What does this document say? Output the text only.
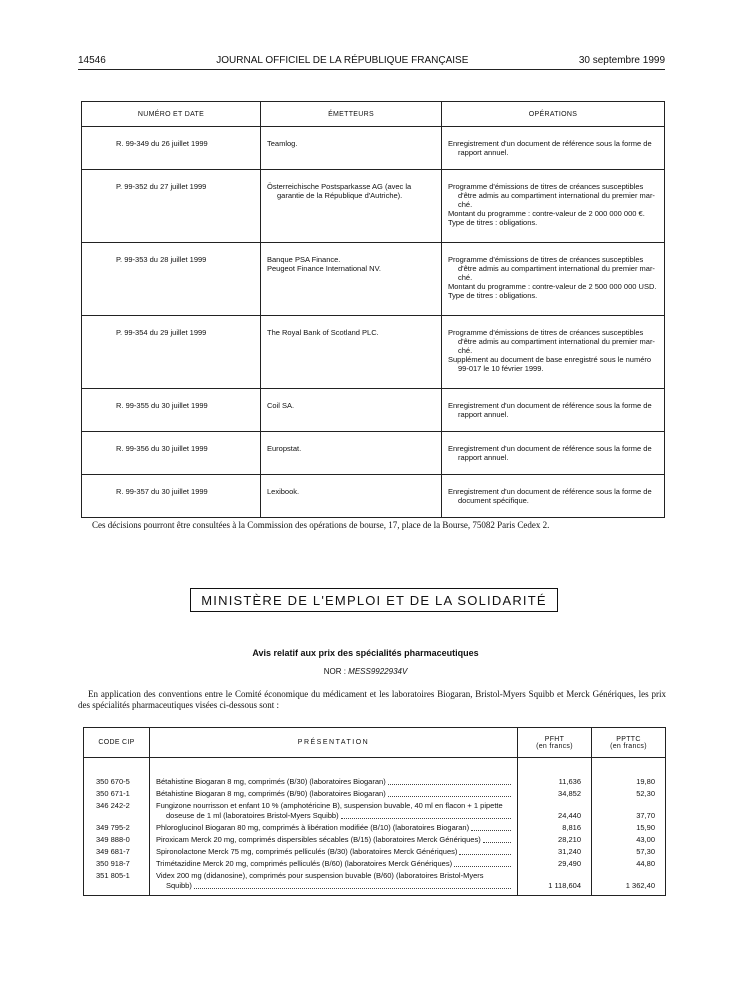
14546	JOURNAL OFFICIEL DE LA RÉPUBLIQUE FRANÇAISE	30 septembre 1999
NUMÉRO ET DATE	ÉMETTEURS	OPÉRATIONS
R. 99-349 du 26 juillet 1999	Teamlog.	Enregistrement d'un document de référence sous la forme de
rapport annuel.

P. 99-352 du 27 juillet 1999	Österreichische Postsparkasse AG (avec la
garantie de la République d'Autriche).	Programme d'émissions de titres de créances susceptibles
d'être admis au compartiment international du premier mar-
ché.
Montant du programme : contre-valeur de 2 000 000 000 €.
Type de titres : obligations.

P. 99-353 du 28 juillet 1999	Banque PSA Finance.
Peugeot Finance International NV.	Programme d'émissions de titres de créances susceptibles
d'être admis au compartiment international du premier mar-
ché.
Montant du programme : contre-valeur de 2 500 000 000 USD.
Type de titres : obligations.

P. 99-354 du 29 juillet 1999	The Royal Bank of Scotland PLC.	Programme d'émissions de titres de créances susceptibles
d'être admis au compartiment international du premier mar-
ché.
Supplément au document de base enregistré sous le numéro
99-017 le 10 février 1999.

R. 99-355 du 30 juillet 1999	Coil SA.	Enregistrement d'un document de référence sous la forme de
rapport annuel.

R. 99-356 du 30 juillet 1999	Europstat.	Enregistrement d'un document de référence sous la forme de
rapport annuel.

R. 99-357 du 30 juillet 1999	Lexibook.	Enregistrement d'un document de référence sous la forme de
document spécifique.
Ces décisions pourront être consultées à la Commission des opérations de bourse, 17, place de la Bourse, 75082 Paris Cedex 2.
MINISTÈRE DE L'EMPLOI ET DE LA SOLIDARITÉ
Avis relatif aux prix des spécialités pharmaceutiques
NOR : MESS9922934V
En application des conventions entre le Comité économique du médicament et les laboratoires Biogaran, Bristol-Myers Squibb et Merck Génériques, les prix des spécialités pharmaceutiques visées ci-dessous sont :
CODE CIP	PRÉSENTATION	PFHT
(en francs)	PPTTC
(en francs)

350 670-5	Bétahistine Biogaran 8 mg, comprimés (B/30) (laboratoires Biogaran)	11,636	19,80
350 671-1	Bétahistine Biogaran 8 mg, comprimés (B/90) (laboratoires Biogaran)	34,852	52,30
346 242-2	Fungizone nourrisson et enfant 10 % (amphotéricine B), suspension buvable, 40 ml en flacon + 1 pipette
doseuse de 1 ml (laboratoires Bristol-Myers Squibb)	24,440	37,70
349 795-2	Phloroglucinol Biogaran 80 mg, comprimés à libération modifiée (B/10) (laboratoires Biogaran)	8,816	15,90
349 888-0	Piroxicam Merck 20 mg, comprimés dispersibles sécables (B/15) (laboratoires Merck Génériques)	28,210	43,00
349 681-7	Spironolactone Merck 75 mg, comprimés pelliculés (B/30) (laboratoires Merck Génériques)	31,240	57,30
350 918-7	Trimétazidine Merck 20 mg, comprimés pelliculés (B/60) (laboratoires Merck Génériques)	29,490	44,80
351 805-1	Videx 200 mg (didanosine), comprimés pour suspension buvable (B/60) (laboratoires Bristol-Myers
Squibb)	1 118,604	1 362,40
